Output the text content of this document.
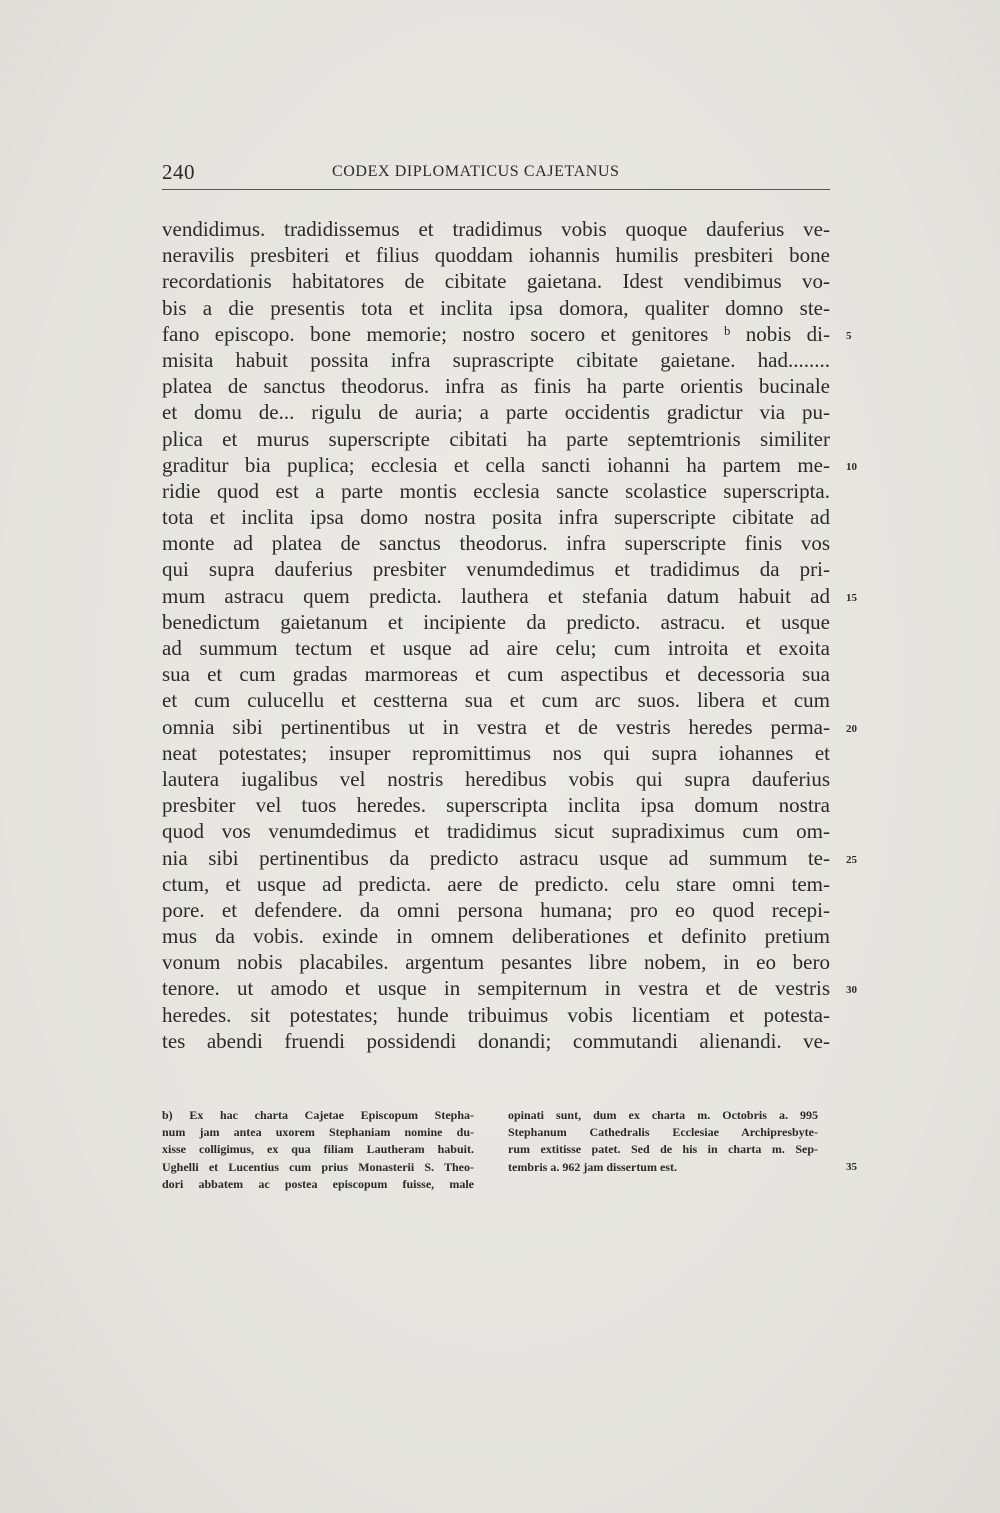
240	CODEX DIPLOMATICUS CAJETANUS
vendidimus. tradidissemus et tradidimus vobis quoque dauferius ve-
neravilis presbiteri et filius quoddam iohannis humilis presbiteri bone
recordationis habitatores de cibitate gaietana. Idest vendibimus vo-
bis a die presentis tota et inclita ipsa domora, qualiter domno ste-
fano episcopo. bone memorie; nostro socero et genitores ᵇ nobis di- 5
misita habuit possita infra suprascripte cibitate gaietane. had........
platea de sanctus theodorus. infra as finis ha parte orientis bucinale
et domu de... rigulu de auria; a parte occidentis gradictur via pu-
plica et murus superscripte cibitati ha parte septemtrionis similiter
graditur bia puplica; ecclesia et cella sancti iohanni ha partem me- 10
ridie quod est a parte montis ecclesia sancte scolastice superscripta.
tota et inclita ipsa domo nostra posita infra superscripte cibitate ad
monte ad platea de sanctus theodorus. infra superscripte finis vos
qui supra dauferius presbiter venumdedimus et tradidimus da pri-
mum astracu quem predicta. lauthera et stefania datum habuit ad 15
benedictum gaietanum et incipiente da predicto. astracu. et usque
ad summum tectum et usque ad aire celu; cum introita et exoita
sua et cum gradas marmoreas et cum aspectibus et decessoria sua
et cum culucellu et cestterna sua et cum arc suos. libera et cum
omnia sibi pertinentibus ut in vestra et de vestris heredes perma- 20
neat potestates; insuper repromittimus nos qui supra iohannes et
lautera iugalibus vel nostris heredibus vobis qui supra dauferius
presbiter vel tuos heredes. superscripta inclita ipsa domum nostra
quod vos venumdedimus et tradidimus sicut supradiximus cum om-
nia sibi pertinentibus da predicto astracu usque ad summum te- 25
ctum, et usque ad predicta. aere de predicto. celu stare omni tem-
pore. et defendere. da omni persona humana; pro eo quod recepi-
mus da vobis. exinde in omnem deliberationes et definito pretium
vonum nobis placabiles. argentum pesantes libre nobem, in eo bero
tenore. ut amodo et usque in sempiternum in vestra et de vestris 30
heredes. sit potestates; hunde tribuimus vobis licentiam et potesta-
tes abendi fruendi possidendi donandi; commutandi alienandi. ve-
b) Ex hac charta Cajetae Episcopum Stepha-
num jam antea uxorem Stephaniam nomine du-
xisse colligimus, ex qua filiam Lautheram habuit.
Ughelli et Lucentius cum prius Monasterii S. Theo-
dori abbatem ac postea episcopum fuisse, male
opinati sunt, dum ex charta m. Octobris a. 995
Stephanum Cathedralis Ecclesiae Archipresbyte-
rum extitisse patet. Sed de his in charta m. Sep-
tembris a. 962 jam dissertum est.	35
